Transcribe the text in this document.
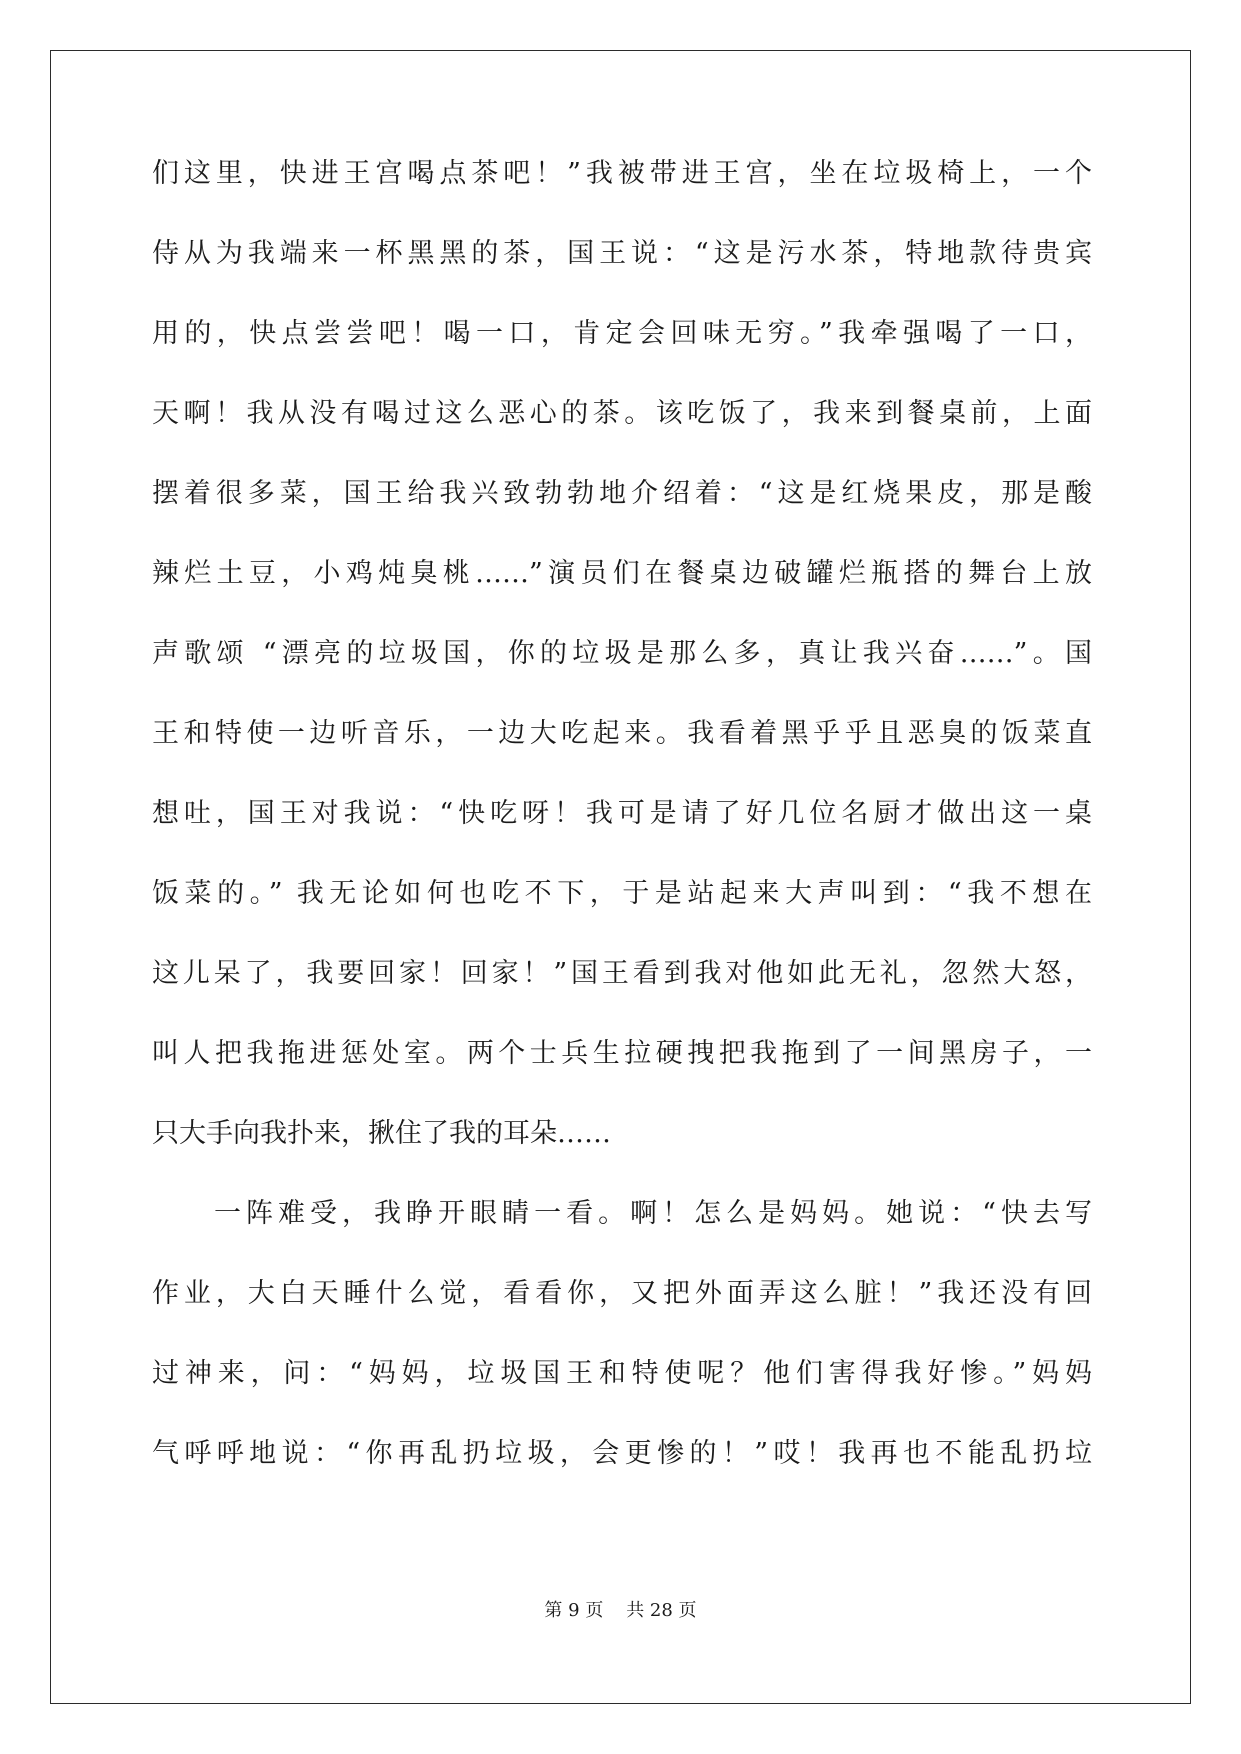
们这里，快进王宫喝点茶吧！”我被带进王宫，坐在垃圾椅上，一个
侍从为我端来一杯黑黑的茶，国王说：“这是污水茶，特地款待贵宾
用的，快点尝尝吧！喝一口，肯定会回味无穷。”我牵强喝了一口，
天啊！我从没有喝过这么恶心的茶。该吃饭了，我来到餐桌前，上面
摆着很多菜，国王给我兴致勃勃地介绍着：“这是红烧果皮，那是酸
辣烂土豆，小鸡炖臭桃……”演员们在餐桌边破罐烂瓶搭的舞台上放
声歌颂 “漂亮的垃圾国，你的垃圾是那么多，真让我兴奋……”。国
王和特使一边听音乐，一边大吃起来。我看着黑乎乎且恶臭的饭菜直
想吐，国王对我说：“快吃呀！我可是请了好几位名厨才做出这一桌
饭菜的。” 我无论如何也吃不下，于是站起来大声叫到：“我不想在
这儿呆了，我要回家！回家！”国王看到我对他如此无礼，忽然大怒，
叫人把我拖进惩处室。两个士兵生拉硬拽把我拖到了一间黑房子，一
只大手向我扑来，揪住了我的耳朵……
一阵难受，我睁开眼睛一看。啊！怎么是妈妈。她说：“快去写
作业，大白天睡什么觉，看看你，又把外面弄这么脏！”我还没有回
过神来，问：“妈妈，垃圾国王和特使呢？他们害得我好惨。”妈妈
气呼呼地说：“你再乱扔垃圾，会更惨的！”哎！我再也不能乱扔垃
第 9 页    共 28 页
